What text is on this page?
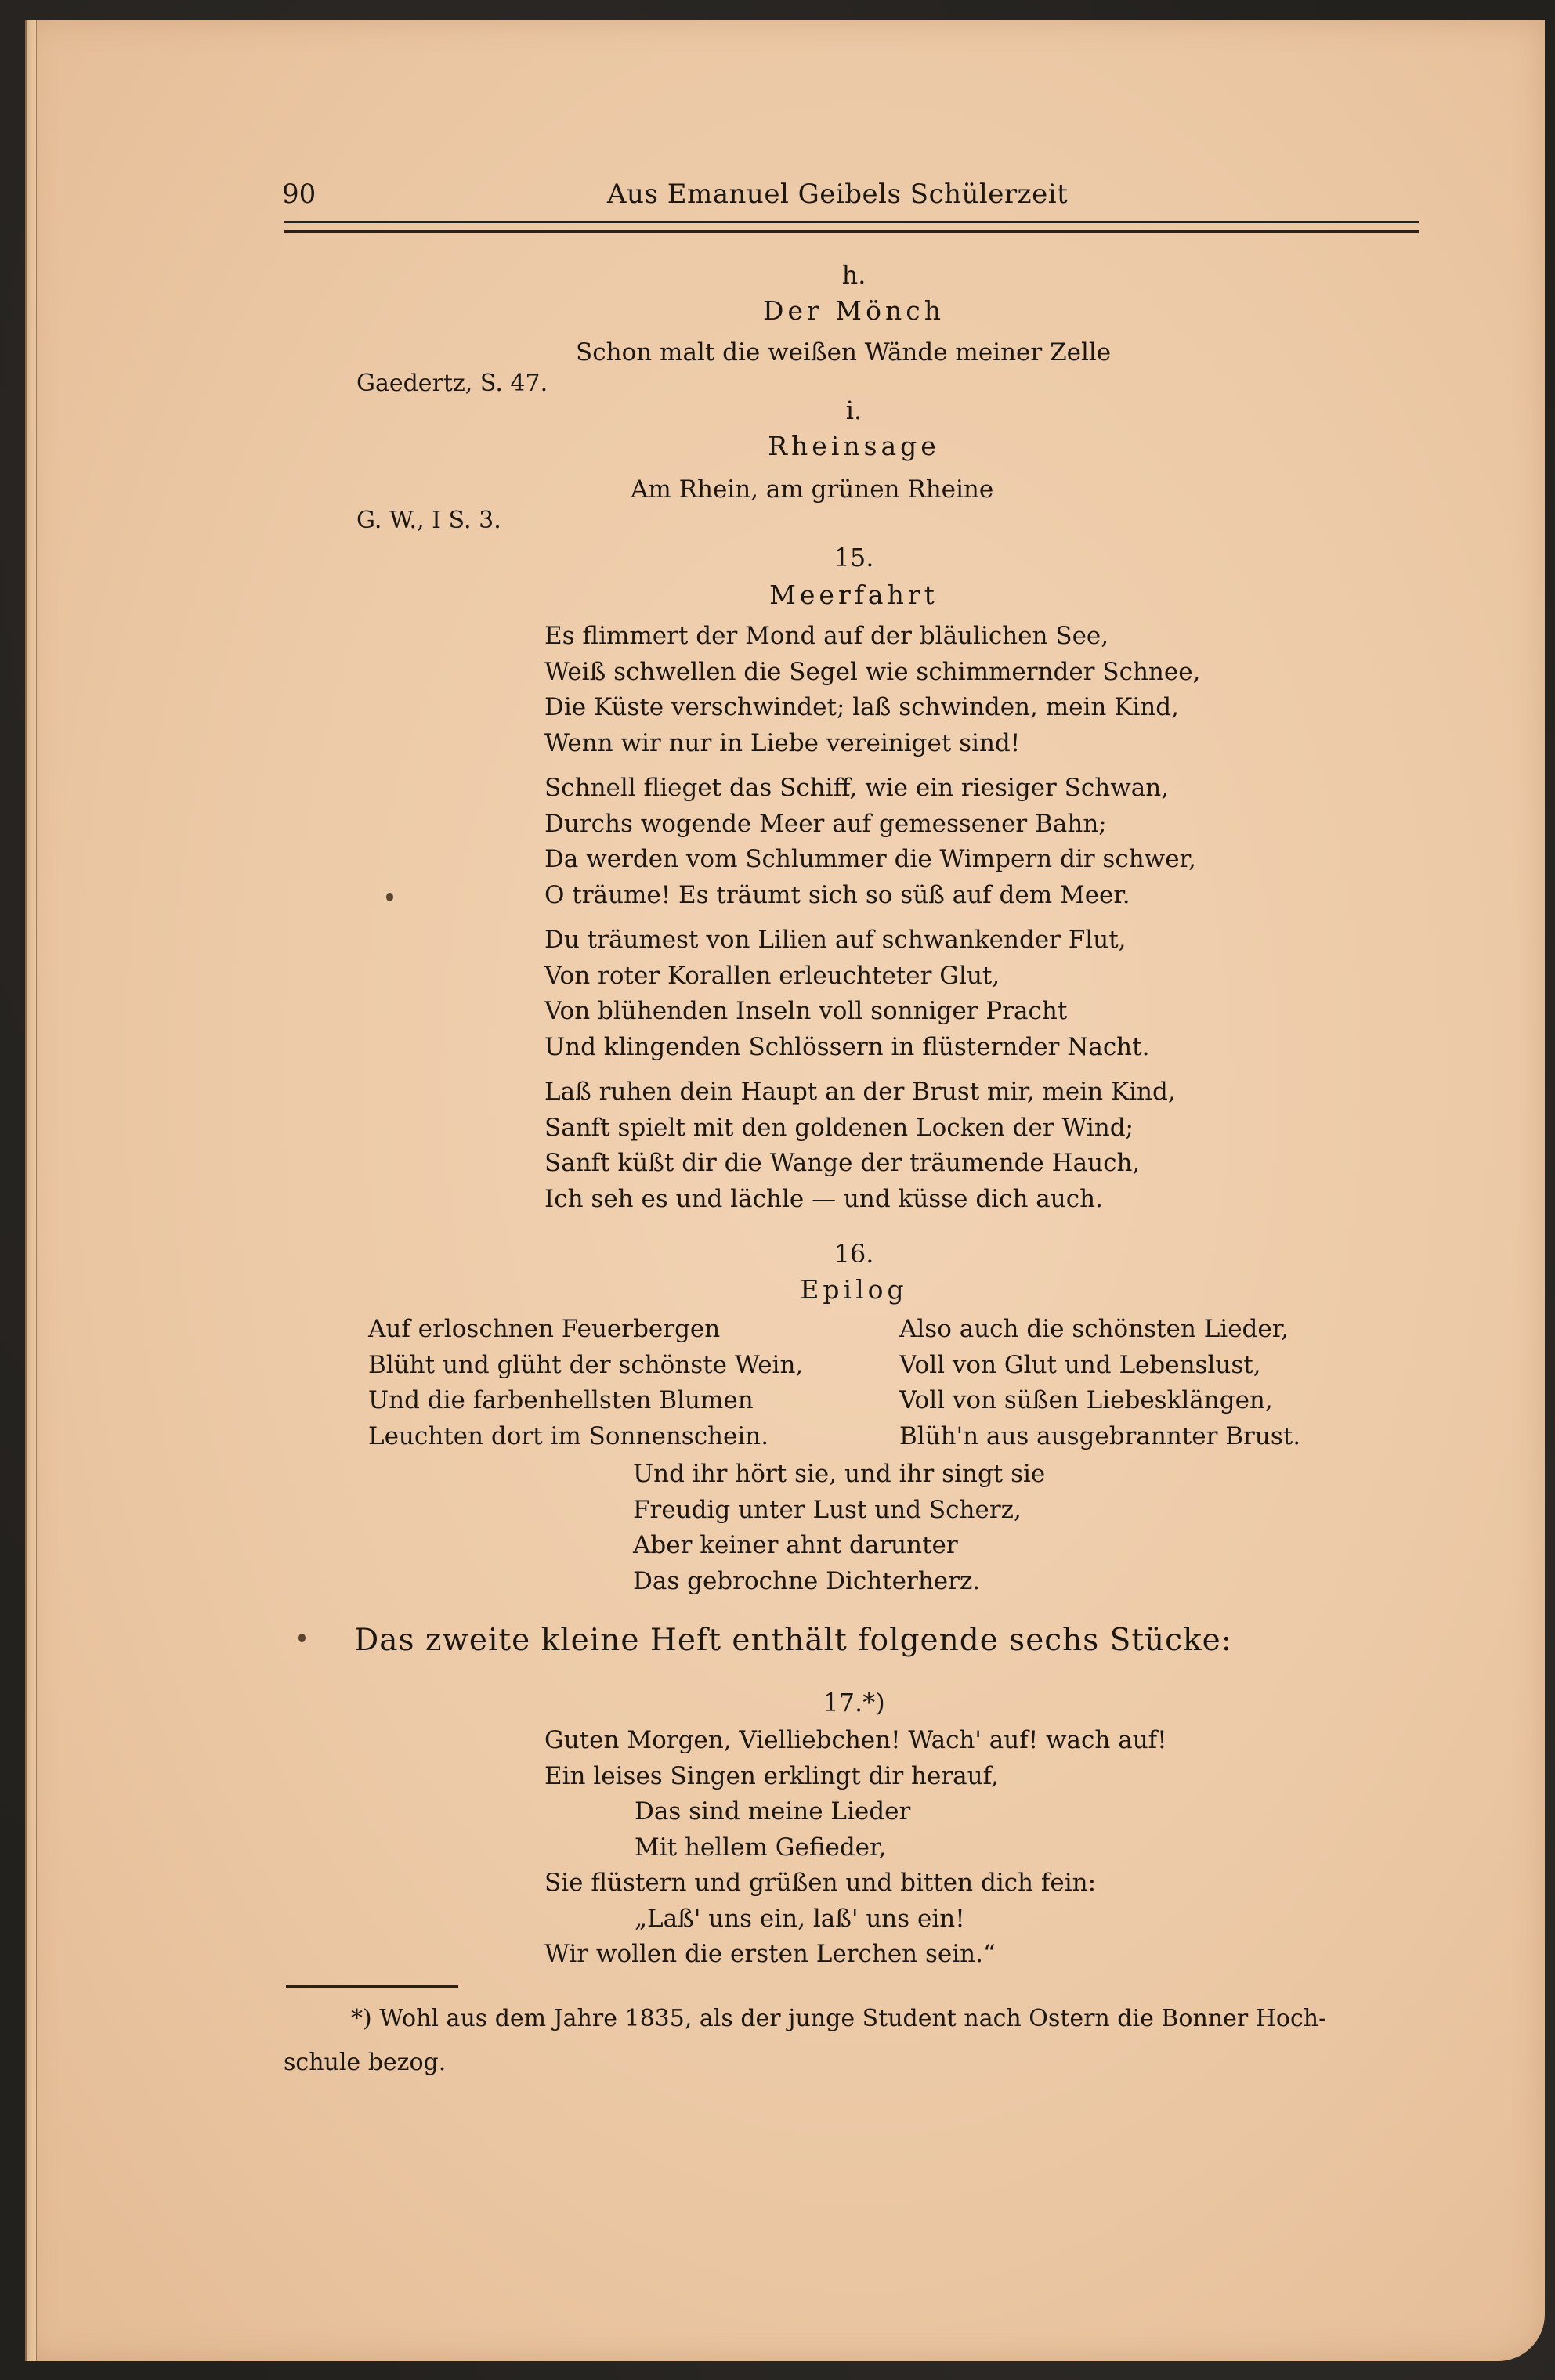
90	Aus Emanuel Geibels Schülerzeit
h.
Der Mönch
Schon malt die weißen Wände meiner Zelle
Gaedertz, S. 47.
i.
Rheinsage
Am Rhein, am grünen Rheine
G. W., I S. 3.
15.
Meerfahrt
Es flimmert der Mond auf der bläulichen See,
Weiß schwellen die Segel wie schimmernder Schnee,
Die Küste verschwindet; laß schwinden, mein Kind,
Wenn wir nur in Liebe vereiniget sind!
Schnell flieget das Schiff, wie ein riesiger Schwan,
Durchs wogende Meer auf gemessener Bahn;
Da werden vom Schlummer die Wimpern dir schwer,
O träume! Es träumt sich so süß auf dem Meer.
Du träumest von Lilien auf schwankender Flut,
Von roter Korallen erleuchteter Glut,
Von blühenden Inseln voll sonniger Pracht
Und klingenden Schlössern in flüsternder Nacht.
Laß ruhen dein Haupt an der Brust mir, mein Kind,
Sanft spielt mit den goldenen Locken der Wind;
Sanft küßt dir die Wange der träumende Hauch,
Ich seh es und lächle — und küsse dich auch.
16.
Epilog
Auf erloschnen Feuerbergen
Blüht und glüht der schönste Wein,
Und die farbenhellsten Blumen
Leuchten dort im Sonnenschein.
Also auch die schönsten Lieder,
Voll von Glut und Lebenslust,
Voll von süßen Liebesklängen,
Blüh'n aus ausgebrannter Brust.
Und ihr hört sie, und ihr singt sie
Freudig unter Lust und Scherz,
Aber keiner ahnt darunter
Das gebrochne Dichterherz.
Das zweite kleine Heft enthält folgende sechs Stücke:
17.*)
Guten Morgen, Vielliebchen! Wach' auf! wach auf!
Ein leises Singen erklingt dir herauf,
Das sind meine Lieder
Mit hellem Gefieder,
Sie flüstern und grüßen und bitten dich fein:
„Laß' uns ein, laß' uns ein!
Wir wollen die ersten Lerchen sein.“
*) Wohl aus dem Jahre 1835, als der junge Student nach Ostern die Bonner Hoch-
schule bezog.
